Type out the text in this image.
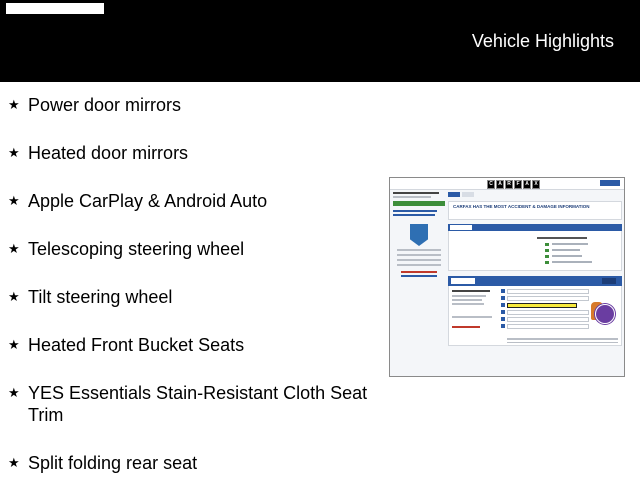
Vehicle Highlights
★ Power door mirrors
★ Heated door mirrors
★ Apple CarPlay & Android Auto
★ Telescoping steering wheel
★ Tilt steering wheel
★ Heated Front Bucket Seats
★ YES Essentials Stain-Resistant Cloth Seat Trim
★ Split folding rear seat
C	A	R	F	A	X
CARFAX HAS THE MOST ACCIDENT & DAMAGE INFORMATION
